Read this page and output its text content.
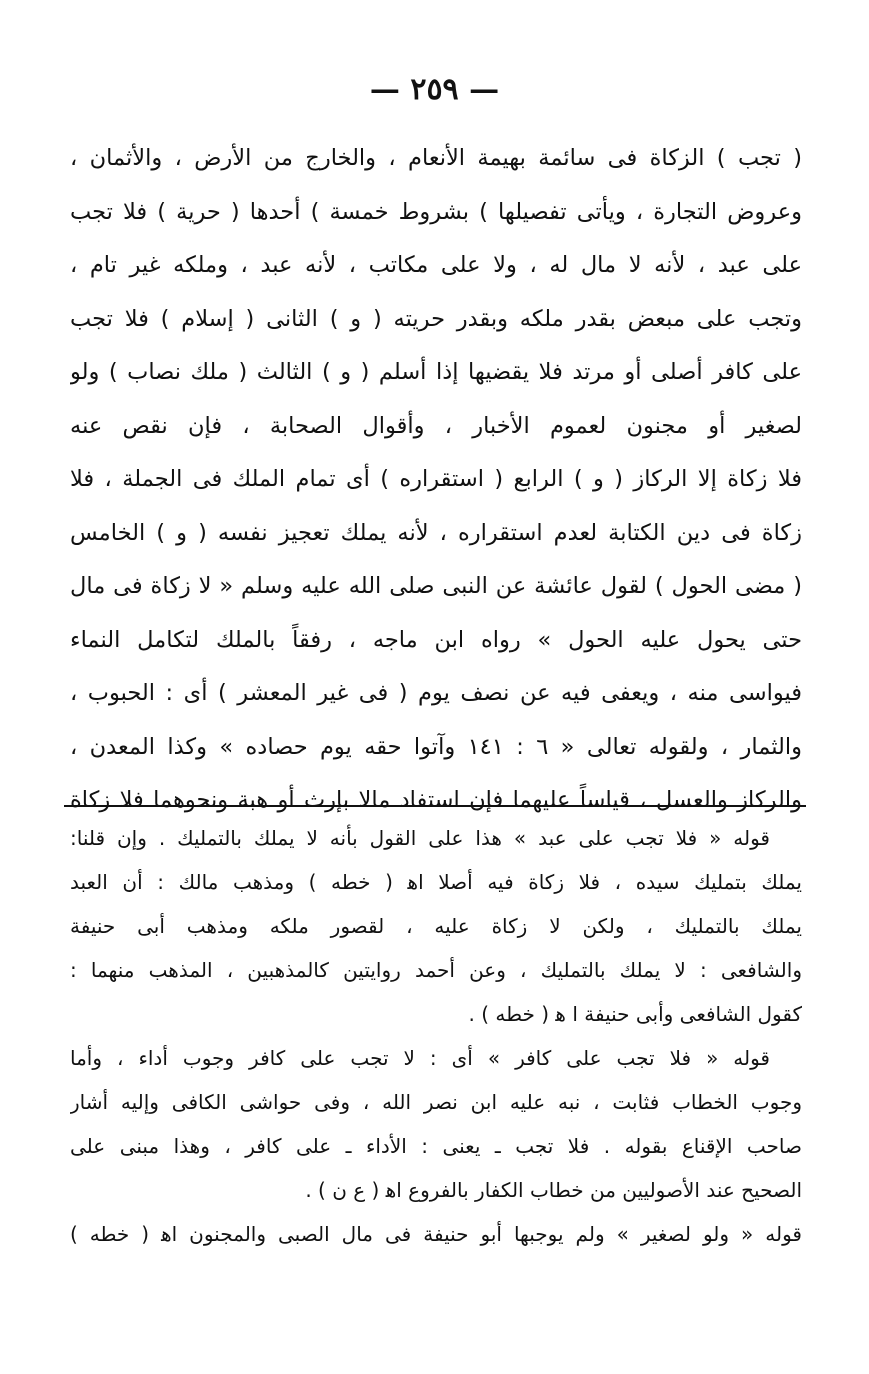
— ٢٥٩ —
( تجب ) الزكاة فى سائمة بهيمة الأنعام ، والخارج من الأرض ، والأثمان ،
وعروض التجارة ، ويأتى تفصيلها ) بشروط خمسة ) أحدها ( حرية ) فلا تجب
على عبد ، لأنه لا مال له ، ولا على مكاتب ، لأنه عبد ، وملكه غير تام ،
وتجب على مبعض بقدر ملكه وبقدر حريته ( و ) الثانى ( إسلام ) فلا تجب
على كافر أصلى أو مرتد فلا يقضيها إذا أسلم ( و ) الثالث ( ملك نصاب ) ولو
لصغير أو مجنون لعموم الأخبار ، وأقوال الصحابة ، فإن نقص عنه
فلا زكاة إلا الركاز ( و ) الرابع ( استقراره ) أى تمام الملك فى الجملة ، فلا
زكاة فى دين الكتابة لعدم استقراره ، لأنه يملك تعجيز نفسه ( و ) الخامس
( مضى الحول ) لقول عائشة عن النبى صلى الله عليه وسلم « لا زكاة فى مال
حتى يحول عليه الحول » رواه ابن ماجه ، رفقاً بالملك لتكامل النماء
فيواسى منه ، ويعفى فيه عن نصف يوم ( فى غير المعشر ) أى : الحبوب ،
والثمار ، ولقوله تعالى « ٦ : ١٤١ وآتوا حقه يوم حصاده » وكذا المعدن ،
والركاز والعسل ، قياساً عليهما فإن استفاد مالا بإرث أو هبة ونحوهما فلا زكاة
قوله « فلا تجب على عبد » هذا على القول بأنه لا يملك بالتمليك . وإن قلنا:
يملك بتمليك سيده ، فلا زكاة فيه أصلا اﻫ ( خطه ) ومذهب مالك : أن العبد
يملك بالتمليك ، ولكن لا زكاة عليه ، لقصور ملكه ومذهب أبى حنيفة
والشافعى : لا يملك بالتمليك ، وعن أحمد روايتين كالمذهبين ، المذهب منهما :
كقول الشافعى وأبى حنيفة ا ﻫ ( خطه ) .
قوله « فلا تجب على كافر » أى : لا تجب على كافر وجوب أداء ، وأما
وجوب الخطاب فثابت ، نبه عليه ابن نصر الله ، وفى حواشى الكافى وإليه أشار
صاحب الإقناع بقوله . فلا تجب ـ يعنى : الأداء ـ على كافر ، وهذا مبنى على
الصحيح عند الأصوليين من خطاب الكفار بالفروع اﻫ ( ع ن ) .
قوله « ولو لصغير » ولم يوجبها أبو حنيفة فى مال الصبى والمجنون اﻫ ( خطه )
